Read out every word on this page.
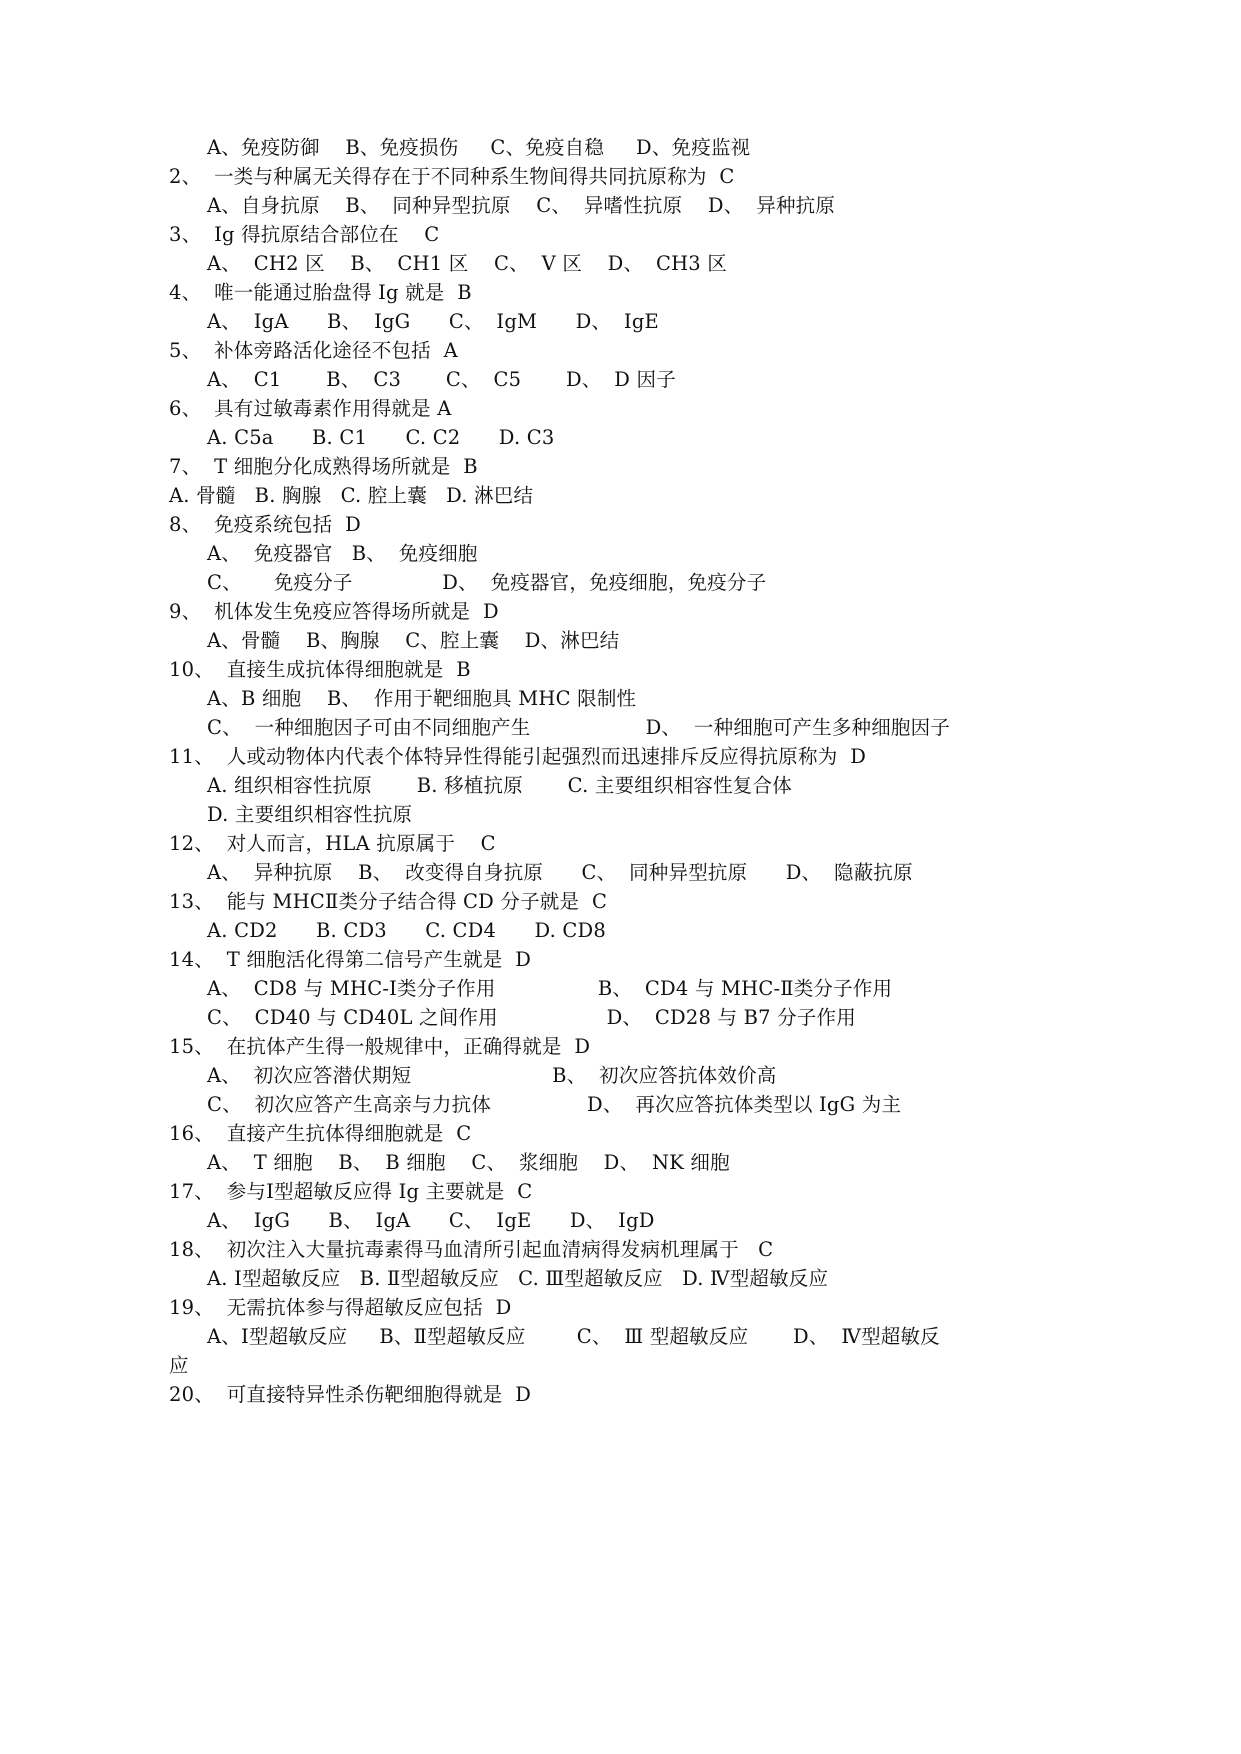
A、免疫防御    B、免疫损伤     C、免疫自稳     D、免疫监视
2、  一类与种属无关得存在于不同种系生物间得共同抗原称为  C
A、自身抗原    B、  同种异型抗原    C、  异嗜性抗原    D、  异种抗原
3、  Ig 得抗原结合部位在    C
A、  CH2 区    B、  CH1 区    C、  V 区    D、  CH3 区
4、  唯一能通过胎盘得 Ig 就是  B
A、  IgA      B、  IgG      C、  IgM      D、  IgE
5、  补体旁路活化途径不包括  A
A、  C1       B、  C3       C、  C5       D、  D 因子
6、  具有过敏毒素作用得就是 A
A. C5a      B. C1      C. C2      D. C3
7、  T 细胞分化成熟得场所就是  B
A. 骨髓   B. 胸腺   C. 腔上囊   D. 淋巴结
8、  免疫系统包括  D
A、  免疫器官   B、  免疫细胞
C、     免疫分子              D、  免疫器官，免疫细胞，免疫分子
9、  机体发生免疫应答得场所就是  D
A、骨髓    B、胸腺    C、腔上囊    D、淋巴结
10、  直接生成抗体得细胞就是  B
A、B 细胞    B、  作用于靶细胞具 MHC 限制性
C、  一种细胞因子可由不同细胞产生                  D、  一种细胞可产生多种细胞因子
11、  人或动物体内代表个体特异性得能引起强烈而迅速排斥反应得抗原称为  D
A. 组织相容性抗原       B. 移植抗原       C. 主要组织相容性复合体
D. 主要组织相容性抗原
12、  对人而言，HLA 抗原属于    C
A、  异种抗原    B、  改变得自身抗原      C、  同种异型抗原      D、  隐蔽抗原
13、  能与 MHCⅡ类分子结合得 CD 分子就是  C
A. CD2      B. CD3      C. CD4      D. CD8
14、  T 细胞活化得第二信号产生就是  D
A、  CD8 与 MHC-Ⅰ类分子作用                B、  CD4 与 MHC-Ⅱ类分子作用
C、  CD40 与 CD40L 之间作用                 D、  CD28 与 B7 分子作用
15、  在抗体产生得一般规律中，正确得就是  D
A、  初次应答潜伏期短                      B、  初次应答抗体效价高
C、  初次应答产生高亲与力抗体               D、  再次应答抗体类型以 IgG 为主
16、  直接产生抗体得细胞就是  C
A、  T 细胞    B、  B 细胞    C、  浆细胞    D、  NK 细胞
17、  参与Ⅰ型超敏反应得 Ig 主要就是  C
A、  IgG      B、  IgA      C、  IgE      D、  IgD
18、  初次注入大量抗毒素得马血清所引起血清病得发病机理属于   C
A. Ⅰ型超敏反应   B. Ⅱ型超敏反应   C. Ⅲ型超敏反应   D. Ⅳ型超敏反应
19、  无需抗体参与得超敏反应包括  D
A、Ⅰ型超敏反应     B、Ⅱ型超敏反应        C、  Ⅲ 型超敏反应       D、  Ⅳ型超敏反
应
20、  可直接特异性杀伤靶细胞得就是  D
